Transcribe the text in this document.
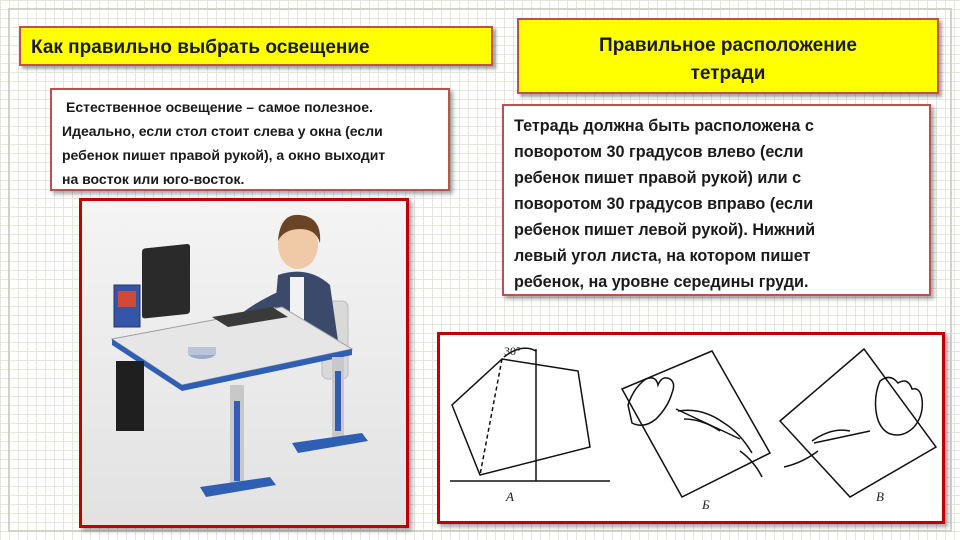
Как правильно выбрать освещение	Правильное расположение
тетради
Естественное освещение – самое полезное.
Идеально, если стол стоит слева у окна (если
ребенок пишет правой рукой), а окно выходит
на восток или юго-восток.
Тетрадь должна быть расположена с
поворотом 30 градусов влево (если
ребенок пишет правой рукой) или с
поворотом 30 градусов вправо (если
ребенок пишет левой рукой). Нижний
левый угол листа, на котором пишет
ребенок, на уровне середины груди.
30°
А
Б
В
